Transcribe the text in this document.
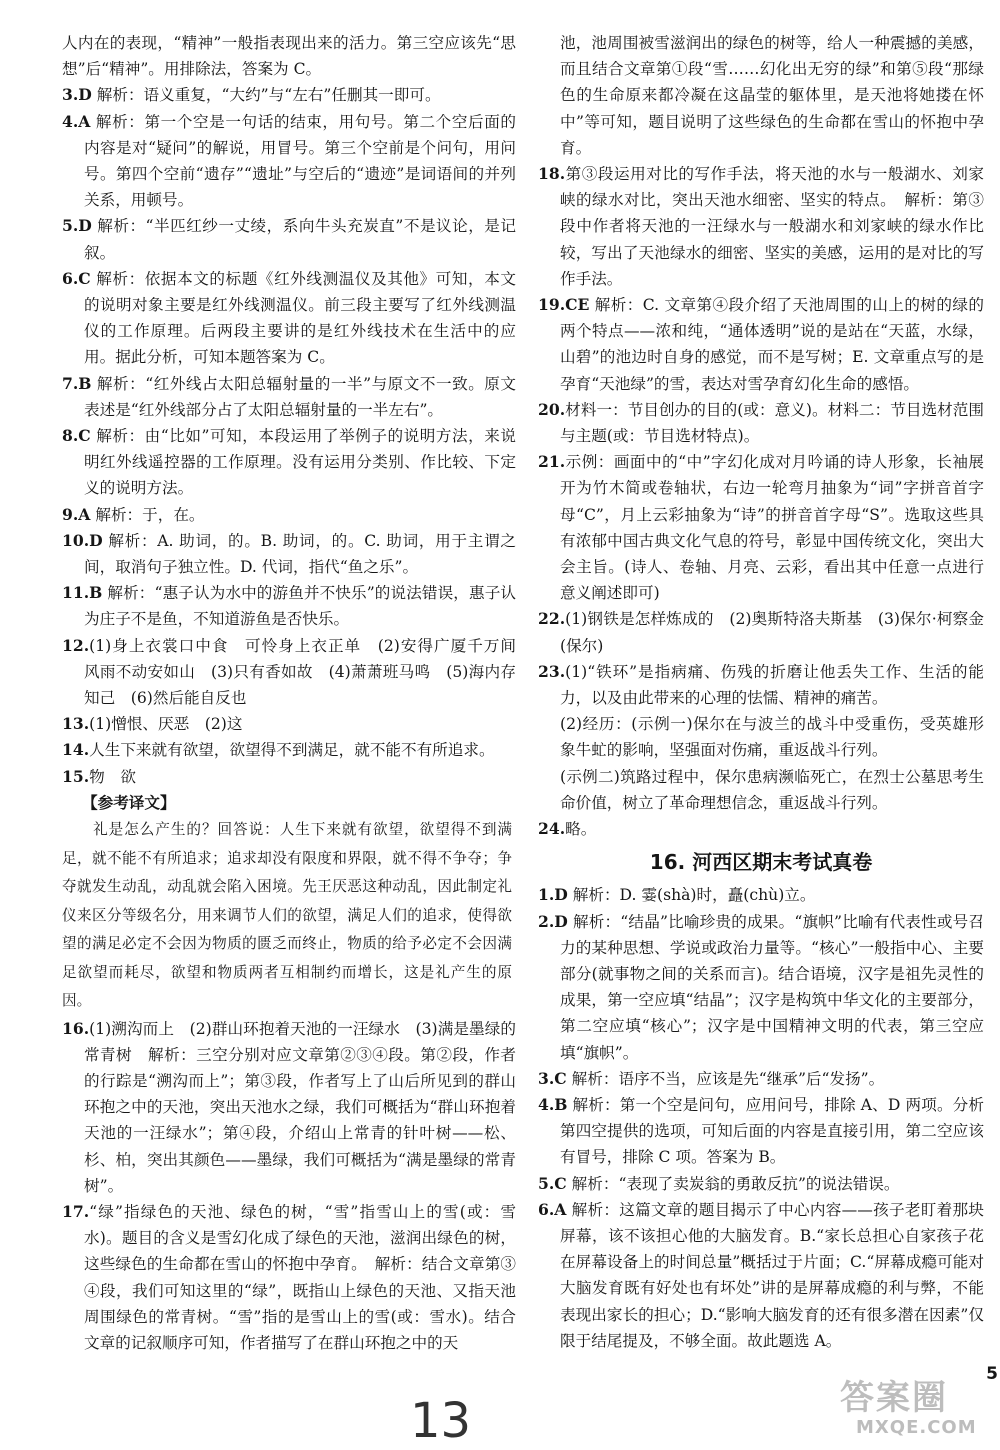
人内在的表现，“精神”一般指表现出来的活力。第三空应该先“思想”后“精神”。用排除法，答案为 C。

3.D 解析：语义重复，“大约”与“左右”任删其一即可。

4.A 解析：第一个空是一句话的结束，用句号。第二个空后面的内容是对“疑问”的解说，用冒号。第三个空前是个问句，用问号。第四个空前“遗存”“遗址”与空后的“遗迹”是词语间的并列关系，用顿号。

5.D 解析：“半匹红纱一丈绫，系向牛头充炭直”不是议论，是记叙。

6.C 解析：依据本文的标题《红外线测温仪及其他》可知，本文的说明对象主要是红外线测温仪。前三段主要写了红外线测温仪的工作原理。后两段主要讲的是红外线技术在生活中的应用。据此分析，可知本题答案为 C。

7.B 解析：“红外线占太阳总辐射量的一半”与原文不一致。原文表述是“红外线部分占了太阳总辐射量的一半左右”。

8.C 解析：由“比如”可知，本段运用了举例子的说明方法，来说明红外线遥控器的工作原理。没有运用分类别、作比较、下定义的说明方法。

9.A 解析：于，在。

10.D 解析：A. 助词，的。B. 助词，的。C. 助词，用于主谓之间，取消句子独立性。D. 代词，指代“鱼之乐”。

11.B 解析：“惠子认为水中的游鱼并不快乐”的说法错误，惠子认为庄子不是鱼，不知道游鱼是否快乐。

12.(1)身上衣裳口中食　可怜身上衣正单　(2)安得广厦千万间　风雨不动安如山　(3)只有香如故　(4)萧萧班马鸣　(5)海内存知己　(6)然后能自反也

13.(1)憎恨、厌恶　(2)这

14.人生下来就有欲望，欲望得不到满足，就不能不有所追求。

15.物　欲

【参考译文】

　　礼是怎么产生的？回答说：人生下来就有欲望，欲望得不到满足，就不能不有所追求；追求却没有限度和界限，就不得不争夺；争夺就发生动乱，动乱就会陷入困境。先王厌恶这种动乱，因此制定礼仪来区分等级名分，用来调节人们的欲望，满足人们的追求，使得欲望的满足必定不会因为物质的匮乏而终止，物质的给予必定不会因满足欲望而耗尽，欲望和物质两者互相制约而增长，这是礼产生的原因。

16.(1)溯沟而上　(2)群山环抱着天池的一汪绿水　(3)满是墨绿的常青树　解析：三空分别对应文章第②③④段。第②段，作者的行踪是“溯沟而上”；第③段，作者写上了山后所见到的群山环抱之中的天池，突出天池水之绿，我们可概括为“群山环抱着天池的一汪绿水”；第④段，介绍山上常青的针叶树——松、杉、柏，突出其颜色——墨绿，我们可概括为“满是墨绿的常青树”。

17.“绿”指绿色的天池、绿色的树，“雪”指雪山上的雪(或：雪水)。题目的含义是雪幻化成了绿色的天池，滋润出绿色的树，这些绿色的生命都在雪山的怀抱中孕育。　解析：结合文章第③④段，我们可知这里的“绿”，既指山上绿色的天池、又指天池周围绿色的常青树。“雪”指的是雪山上的雪(或：雪水)。结合文章的记叙顺序可知，作者描写了在群山环抱之中的天

池，池周围被雪滋润出的绿色的树等，给人一种震撼的美感，而且结合文章第①段“雪……幻化出无穷的绿”和第⑤段“那绿色的生命原来都冷凝在这晶莹的躯体里，是天池将她搂在怀中”等可知，题目说明了这些绿色的生命都在雪山的怀抱中孕育。

18.第③段运用对比的写作手法，将天池的水与一般湖水、刘家峡的绿水对比，突出天池水细密、坚实的特点。　解析：第③段中作者将天池的一汪绿水与一般湖水和刘家峡的绿水作比较，写出了天池绿水的细密、坚实的美感，运用的是对比的写作手法。

19.CE 解析：C. 文章第④段介绍了天池周围的山上的树的绿的两个特点——浓和纯，“通体透明”说的是站在“天蓝，水绿，山碧”的池边时自身的感觉，而不是写树；E. 文章重点写的是孕育“天池绿”的雪，表达对雪孕育幻化生命的感悟。

20.材料一：节目创办的目的(或：意义)。材料二：节目选材范围与主题(或：节目选材特点)。

21.示例：画面中的“中”字幻化成对月吟诵的诗人形象，长袖展开为竹木简或卷轴状，右边一轮弯月抽象为“词”字拼音首字母“C”，月上云彩抽象为“诗”的拼音首字母“S”。选取这些具有浓郁中国古典文化气息的符号，彰显中国传统文化，突出大会主旨。(诗人、卷轴、月亮、云彩，看出其中任意一点进行意义阐述即可)

22.(1)钢铁是怎样炼成的　(2)奥斯特洛夫斯基　(3)保尔·柯察金(保尔)

23.(1)“铁环”是指病痛、伤残的折磨让他丢失工作、生活的能力，以及由此带来的心理的怯懦、精神的痛苦。

(2)经历：(示例一)保尔在与波兰的战斗中受重伤，受英雄形象牛虻的影响，坚强面对伤痛，重返战斗行列。

(示例二)筑路过程中，保尔患病濒临死亡，在烈士公墓思考生命价值，树立了革命理想信念，重返战斗行列。

24.略。

16. 河西区期末考试真卷

1.D 解析：D. 霎(shà)时，矗(chù)立。

2.D 解析：“结晶”比喻珍贵的成果。“旗帜”比喻有代表性或号召力的某种思想、学说或政治力量等。“核心”一般指中心、主要部分(就事物之间的关系而言)。结合语境，汉字是祖先灵性的成果，第一空应填“结晶”；汉字是构筑中华文化的主要部分，第二空应填“核心”；汉字是中国精神文明的代表，第三空应填“旗帜”。

3.C 解析：语序不当，应该是先“继承”后“发扬”。

4.B 解析：第一个空是问句，应用问号，排除 A、D 两项。分析第四空提供的选项，可知后面的内容是直接引用，第二空应该有冒号，排除 C 项。答案为 B。

5.C 解析：“表现了卖炭翁的勇敢反抗”的说法错误。

6.A 解析：这篇文章的题目揭示了中心内容——孩子老盯着那块屏幕，该不该担心他的大脑发育。B.“家长总担心自家孩子花在屏幕设备上的时间总量”概括过于片面；C.“屏幕成瘾可能对大脑发育既有好处也有坏处”讲的是屏幕成瘾的利与弊，不能表现出家长的担心；D.“影响大脑发育的还有很多潜在因素”仅限于结尾提及，不够全面。故此题选 A。

13
5
答案圈
MXQE.COM
